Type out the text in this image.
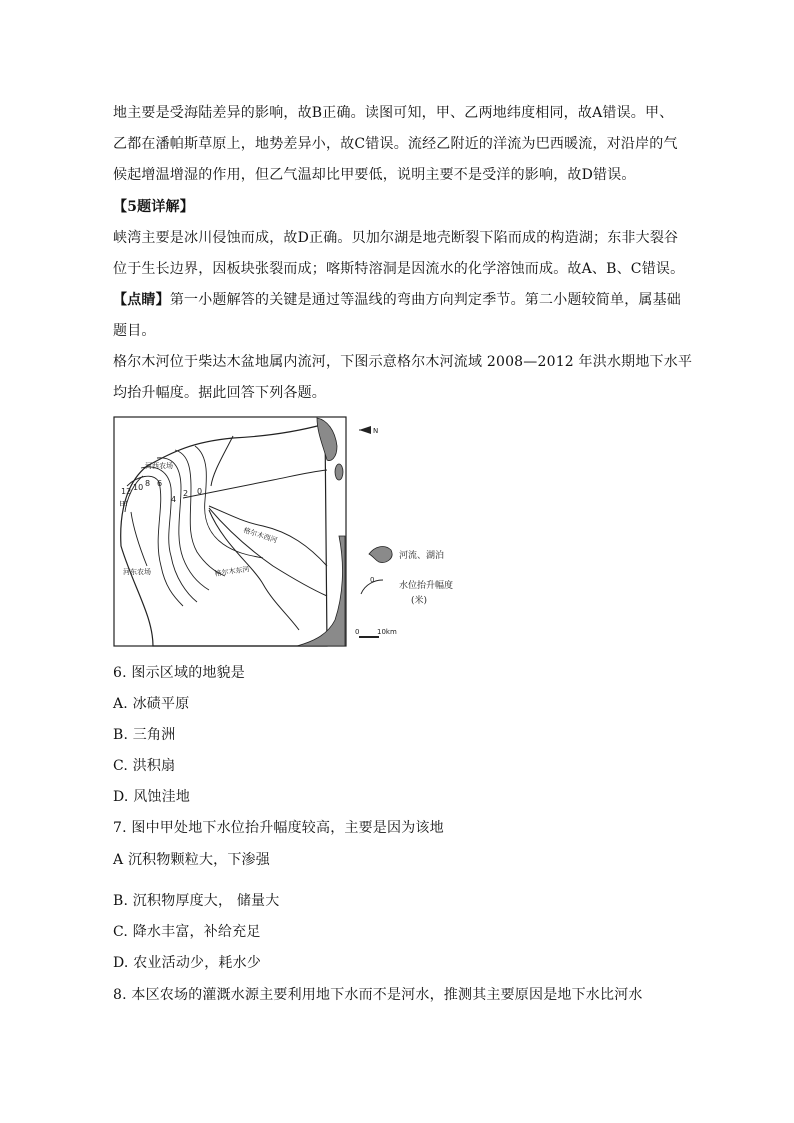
地主要是受海陆差异的影响，故B正确。读图可知，甲、乙两地纬度相同，故A错误。甲、
乙都在潘帕斯草原上，地势差异小，故C错误。流经乙附近的洋流为巴西暖流，对沿岸的气
候起增温增湿的作用，但乙气温却比甲要低，说明主要不是受洋的影响，故D错误。
【5题详解】
峡湾主要是冰川侵蚀而成，故D正确。贝加尔湖是地壳断裂下陷而成的构造湖；东非大裂谷
位于生长边界，因板块张裂而成；喀斯特溶洞是因流水的化学溶蚀而成。故A、B、C错误。
【点睛】第一小题解答的关键是通过等温线的弯曲方向判定季节。第二小题较简单，属基础
题目。
格尔木河位于柴达木盆地属内流河，下图示意格尔木河流域 2008—2012 年洪水期地下水平
均抬升幅度。据此回答下列各题。
12 10 8 6
4
2 0
甲
河西农场
河东农场
格尔木西河
格尔木东河
N
河流、湖泊
0
水位抬升幅度
(米)
0	10km
6. 图示区域的地貌是
A. 冰碛平原
B. 三角洲
C. 洪积扇
D. 风蚀洼地
7. 图中甲处地下水位抬升幅度较高，主要是因为该地
A 沉积物颗粒大，下渗强
B. 沉积物厚度大， 储量大
C. 降水丰富，补给充足
D. 农业活动少，耗水少
8. 本区农场的灌溉水源主要利用地下水而不是河水，推测其主要原因是地下水比河水
